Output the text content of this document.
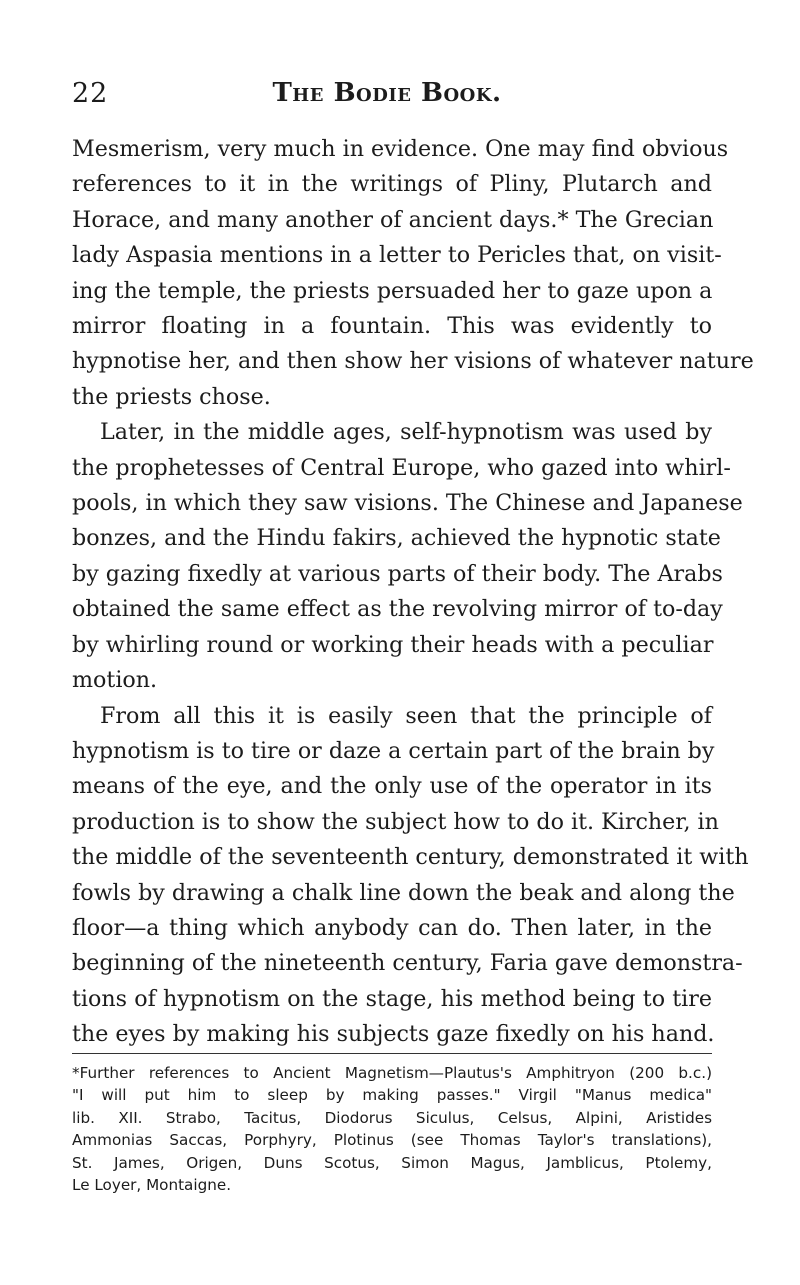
22	The Bodie Book.

Mesmerism, very much in evidence. One may find obvious
references to it in the writings of Pliny, Plutarch and
Horace, and many another of ancient days.* The Grecian
lady Aspasia mentions in a letter to Pericles that, on visit-
ing the temple, the priests persuaded her to gaze upon a
mirror floating in a fountain. This was evidently to
hypnotise her, and then show her visions of whatever nature
the priests chose.

Later, in the middle ages, self-hypnotism was used by
the prophetesses of Central Europe, who gazed into whirl-
pools, in which they saw visions. The Chinese and Japanese
bonzes, and the Hindu fakirs, achieved the hypnotic state
by gazing fixedly at various parts of their body. The Arabs
obtained the same effect as the revolving mirror of to-day
by whirling round or working their heads with a peculiar
motion.

From all this it is easily seen that the principle of
hypnotism is to tire or daze a certain part of the brain by
means of the eye, and the only use of the operator in its
production is to show the subject how to do it. Kircher, in
the middle of the seventeenth century, demonstrated it with
fowls by drawing a chalk line down the beak and along the
floor—a thing which anybody can do. Then later, in the
beginning of the nineteenth century, Faria gave demonstra-
tions of hypnotism on the stage, his method being to tire
the eyes by making his subjects gaze fixedly on his hand.

*Further references to Ancient Magnetism—Plautus's Amphitryon (200 b.c.)
"I will put him to sleep by making passes." Virgil "Manus medica"
lib. XII. Strabo, Tacitus, Diodorus Siculus, Celsus, Alpini, Aristides
Ammonias Saccas, Porphyry, Plotinus (see Thomas Taylor's translations),
St. James, Origen, Duns Scotus, Simon Magus, Jamblicus, Ptolemy,
Le Loyer, Montaigne.
